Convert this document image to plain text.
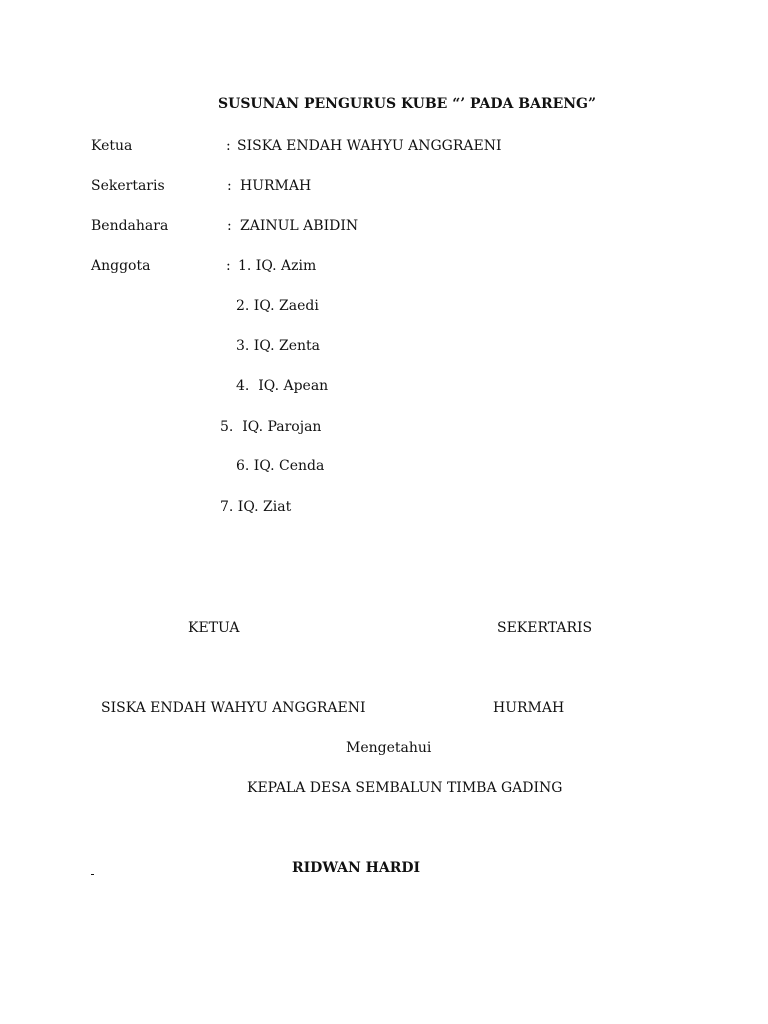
SUSUNAN PENGURUS KUBE “’ PADA BARENG”
Ketua	: SISKA ENDAH WAHYU ANGGRAENI
Sekertaris	: HURMAH
Bendahara	: ZAINUL ABIDIN
Anggota	: 1. IQ. Azim
2. IQ. Zaedi
3. IQ. Zenta
4.  IQ. Apean
5.  IQ. Parojan
6. IQ. Cenda
7. IQ. Ziat
KETUA	SEKERTARIS
SISKA ENDAH WAHYU ANGGRAENI	HURMAH
Mengetahui
KEPALA DESA SEMBALUN TIMBA GADING
RIDWAN HARDI
